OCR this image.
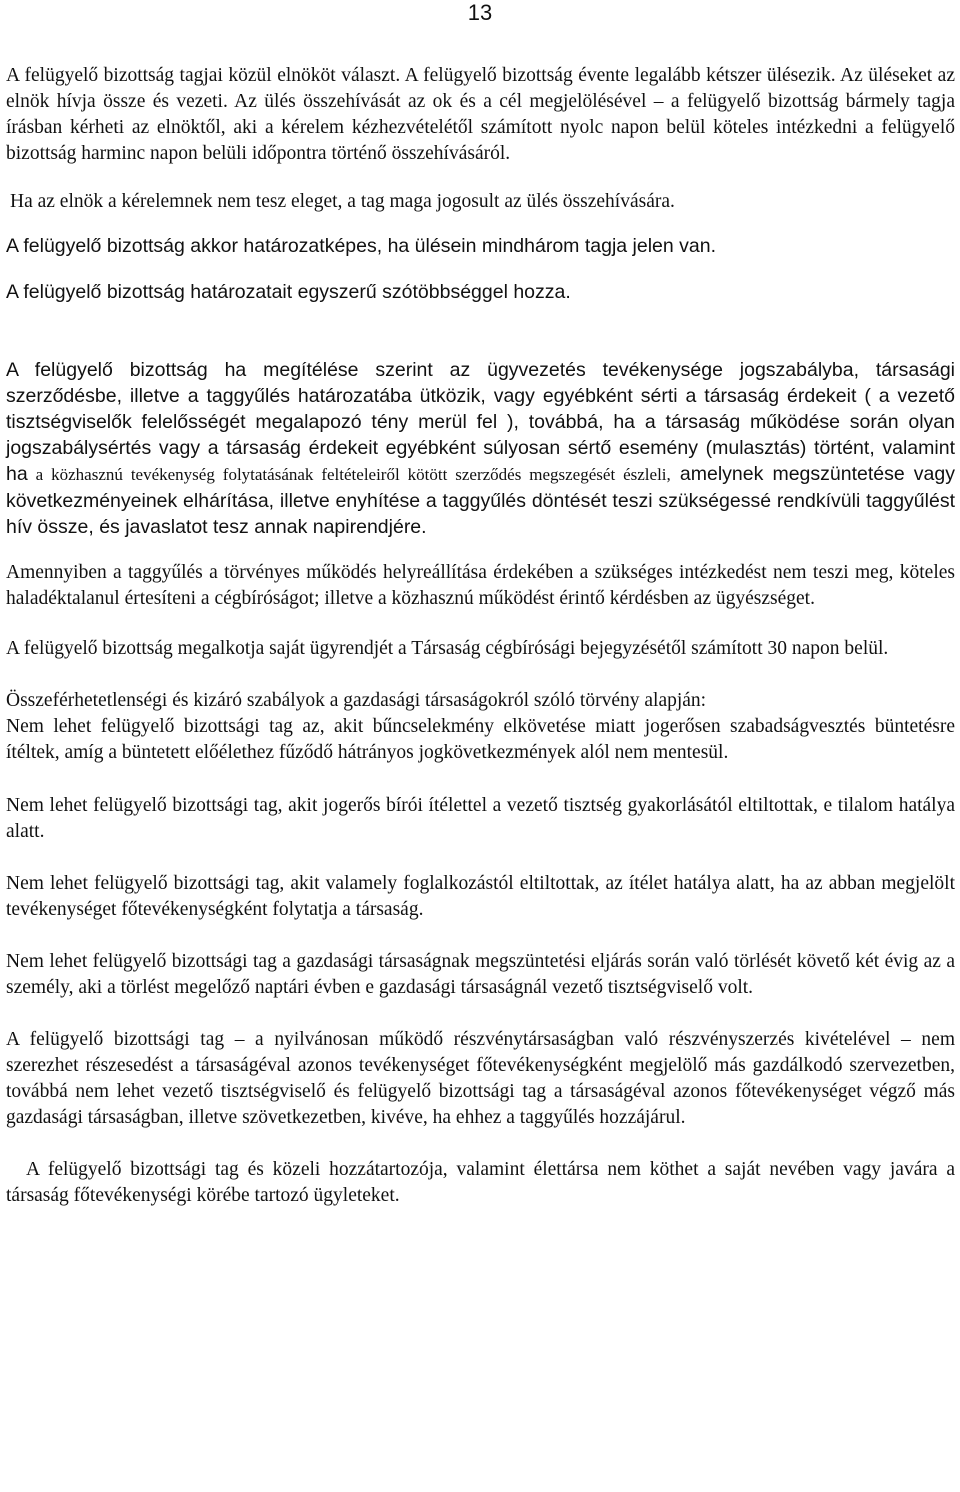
13

A felügyelő bizottság tagjai közül elnököt választ. A felügyelő bizottság évente legalább kétszer ülésezik. Az üléseket az elnök hívja össze és vezeti. Az ülés összehívását az ok és a cél megjelölésével – a felügyelő bizottság bármely tagja írásban kérheti az elnöktől, aki a kérelem kézhezvételétől számított nyolc napon belül köteles intézkedni a felügyelő bizottság harminc napon belüli időpontra történő összehívásáról.

Ha az elnök a kérelemnek nem tesz eleget, a tag maga jogosult az ülés összehívására.

A felügyelő bizottság akkor határozatképes, ha ülésein mindhárom tagja jelen van.

A felügyelő bizottság határozatait egyszerű szótöbbséggel hozza.

A felügyelő bizottság ha megítélése szerint az ügyvezetés tevékenysége jogszabályba, társasági szerződésbe, illetve a taggyűlés határozatába ütközik, vagy egyébként sérti a társaság érdekeit ( a vezető tisztségviselők felelősségét megalapozó tény merül fel ), továbbá, ha a társaság működése során olyan jogszabálysértés vagy a társaság érdekeit egyébként súlyosan sértő esemény (mulasztás) történt, valamint ha a közhasznú tevékenység folytatásának feltételeiről kötött szerződés megszegését észleli, amelynek megszüntetése vagy következményeinek elhárítása, illetve enyhítése a taggyűlés döntését teszi szükségessé rendkívüli taggyűlést hív össze, és javaslatot tesz annak napirendjére.

Amennyiben a taggyűlés a törvényes működés helyreállítása érdekében a szükséges intézkedést nem teszi meg, köteles haladéktalanul értesíteni a cégbíróságot; illetve a közhasznú működést érintő kérdésben az ügyészséget.

A felügyelő bizottság megalkotja saját ügyrendjét a Társaság cégbírósági bejegyzésétől számított 30 napon belül.

Összeférhetetlenségi és kizáró szabályok a gazdasági társaságokról szóló törvény alapján:
Nem lehet felügyelő bizottsági tag az, akit bűncselekmény elkövetése miatt jogerősen szabadságvesztés büntetésre ítéltek, amíg a büntetett előélethez fűződő hátrányos jogkövetkezmények alól nem mentesül.

Nem lehet felügyelő bizottsági tag, akit jogerős bírói ítélettel a vezető tisztség gyakorlásától eltiltottak, e tilalom hatálya alatt.

Nem lehet felügyelő bizottsági tag, akit valamely foglalkozástól eltiltottak, az ítélet hatálya alatt, ha az abban megjelölt tevékenységet főtevékenységként folytatja a társaság.

Nem lehet felügyelő bizottsági tag a gazdasági társaságnak megszüntetési eljárás során való törlését követő két évig az a személy, aki a törlést megelőző naptári évben e gazdasági társaságnál vezető tisztségviselő volt.

A felügyelő bizottsági tag – a nyilvánosan működő részvénytársaságban való részvényszerzés kivételével – nem szerezhet részesedést a társaságéval azonos tevékenységet főtevékenységként megjelölő más gazdálkodó szervezetben, továbbá nem lehet vezető tisztségviselő és felügyelő bizottsági tag a társaságéval azonos főtevékenységet végző más gazdasági társaságban, illetve szövetkezetben, kivéve, ha ehhez a taggyűlés hozzájárul.

A felügyelő bizottsági tag és közeli hozzátartozója, valamint élettársa nem köthet a saját nevében vagy javára a társaság főtevékenységi körébe tartozó ügyleteket.
